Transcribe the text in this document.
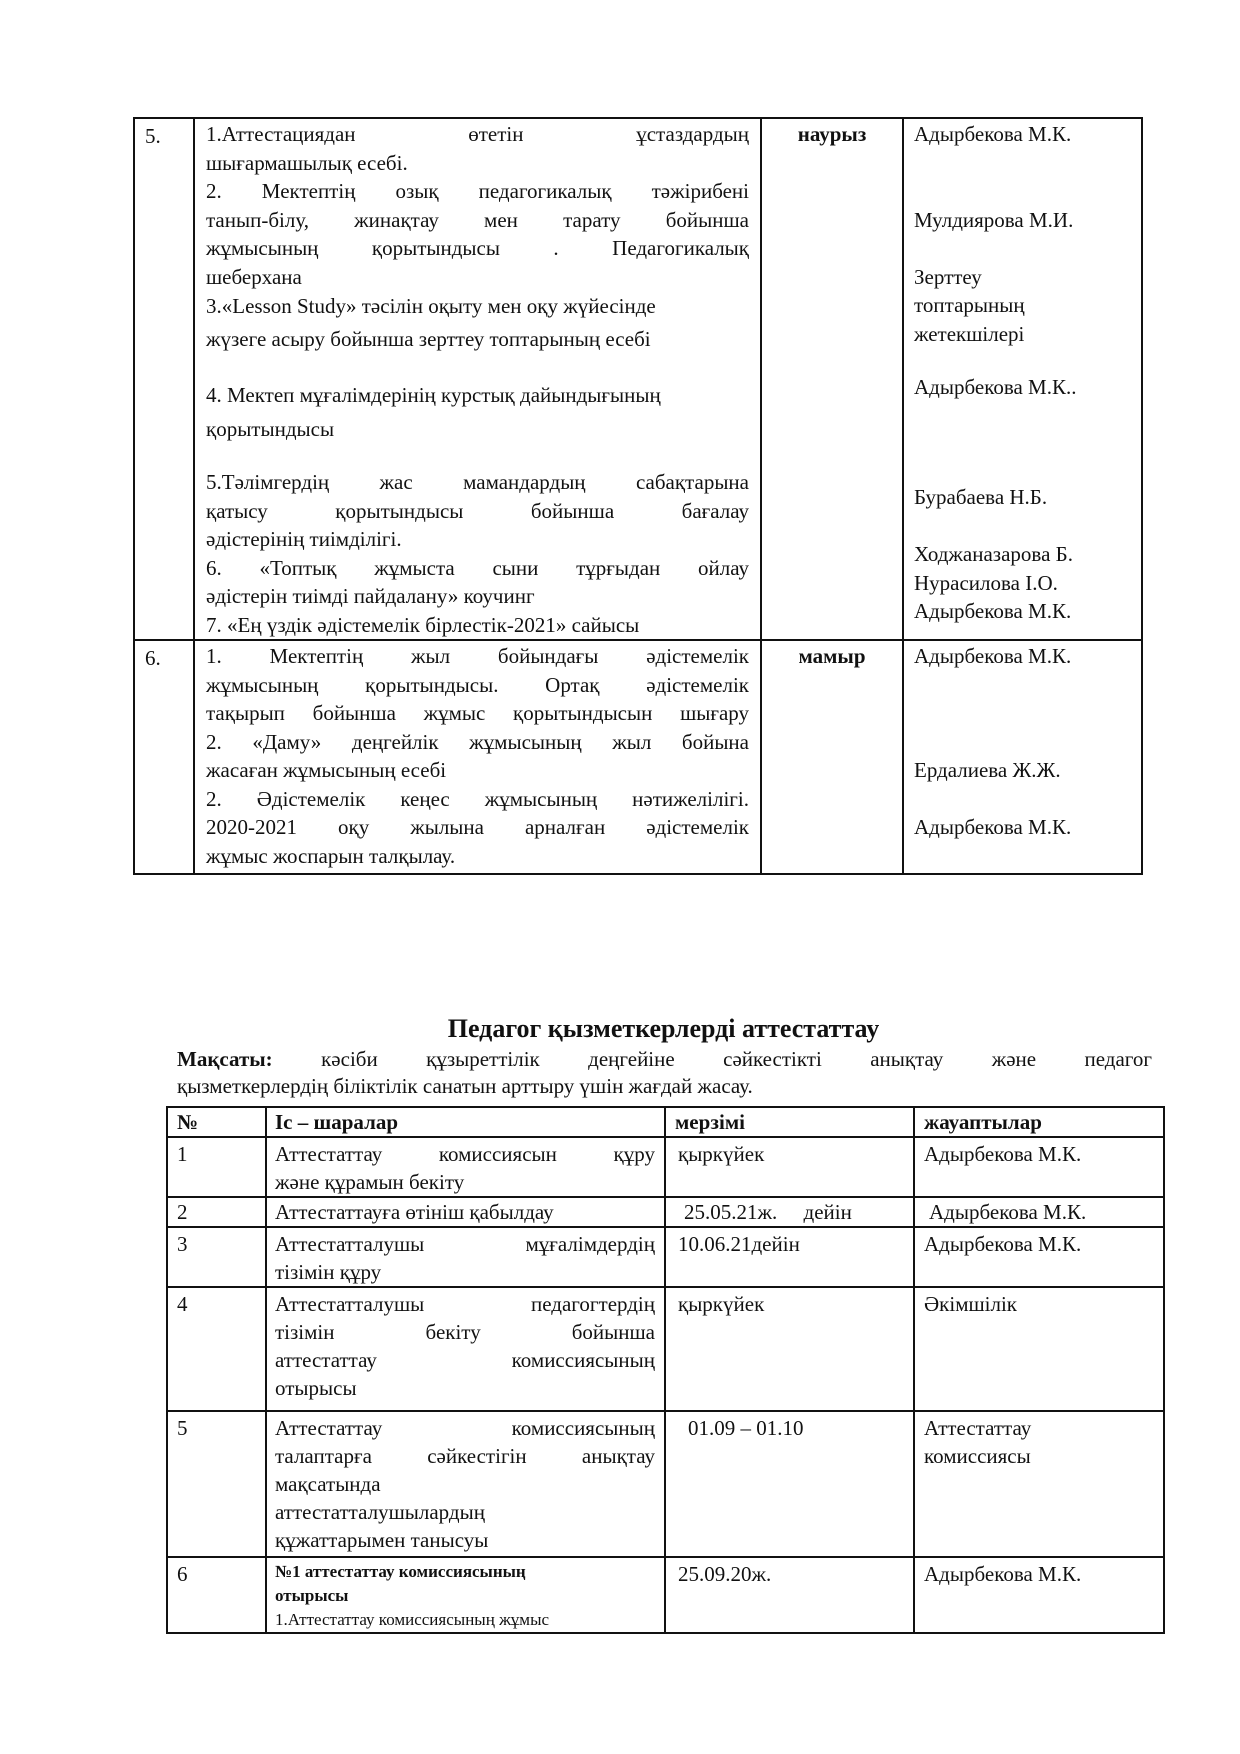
5.	1.Аттестациядан өтетін ұстаздардың
шығармашылық есебі.
2. Мектептің озық педагогикалық тәжірибені
танып-білу, жинақтау мен тарату бойынша
жұмысының қорытындысы . Педагогикалық
шеберхана
3.«Lesson Study» тәсілін оқыту мен оқу жүйесінде
жүзеге асыру бойынша зерттеу топтарының есебі
4. Мектеп мұғалімдерінің курстық дайындығының
қорытындысы
5.Тәлімгердің жас мамандардың сабақтарына
қатысу қорытындысы бойынша бағалау
әдістерінің тиімділігі.
6. «Топтық жұмыста сыни тұрғыдан ойлау
әдістерін тиімді пайдалану» коучинг
7. «Ең үздік әдістемелік бірлестік-2021» сайысы
	наурыз	Адырбекова М.К.
Мулдиярова М.И.
Зерттеу
топтарының
жетекшілері
Адырбекова М.К..
Бурабаева Н.Б.
Ходжаназарова Б.
Нурасилова І.О.
Адырбекова М.К.

6.	1. Мектептің жыл бойындағы әдістемелік
жұмысының қорытындысы. Ортақ әдістемелік
тақырып бойынша жұмыс қорытындысын шығару
2. «Даму» деңгейлік жұмысының жыл бойына
жасаған жұмысының есебі
2. Әдістемелік кеңес жұмысының нәтижелілігі.
2020-2021 оқу жылына арналған әдістемелік
жұмыс жоспарын талқылау.
	мамыр	Адырбекова М.К.
Ердалиева Ж.Ж.
Адырбекова М.К.
Педагог қызметкерлерді аттестаттау
Мақсаты: кәсіби құзыреттілік деңгейіне сәйкестікті анықтау және педагог
қызметкерлердің біліктілік санатын арттыру үшін жағдай жасау.
№	Іс – шаралар	мерзімі	жауаптылар
1	Аттестаттау комиссиясын құру
және құрамын бекіту	қыркүйек	Адырбекова М.К.
2	Аттестаттауға өтініш қабылдау	25.05.21ж.     дейін	Адырбекова М.К.
3	Аттестатталушы мұғалімдердің
тізімін құру	10.06.21дейін	Адырбекова М.К.
4	Аттестатталушы педагогтердің
тізімін бекіту бойынша
аттестаттау комиссиясының
отырысы	қыркүйек	Әкімшілік
5	Аттестаттау комиссиясының
талаптарға сәйкестігін анықтау
мақсатында
аттестатталушылардың
құжаттарымен танысуы	01.09 – 01.10	Аттестаттау
комиссиясы

6	№1 аттестаттау комиссиясының
отырысы
1.Аттестаттау комиссиясының жұмыс	25.09.20ж.	Адырбекова М.К.
